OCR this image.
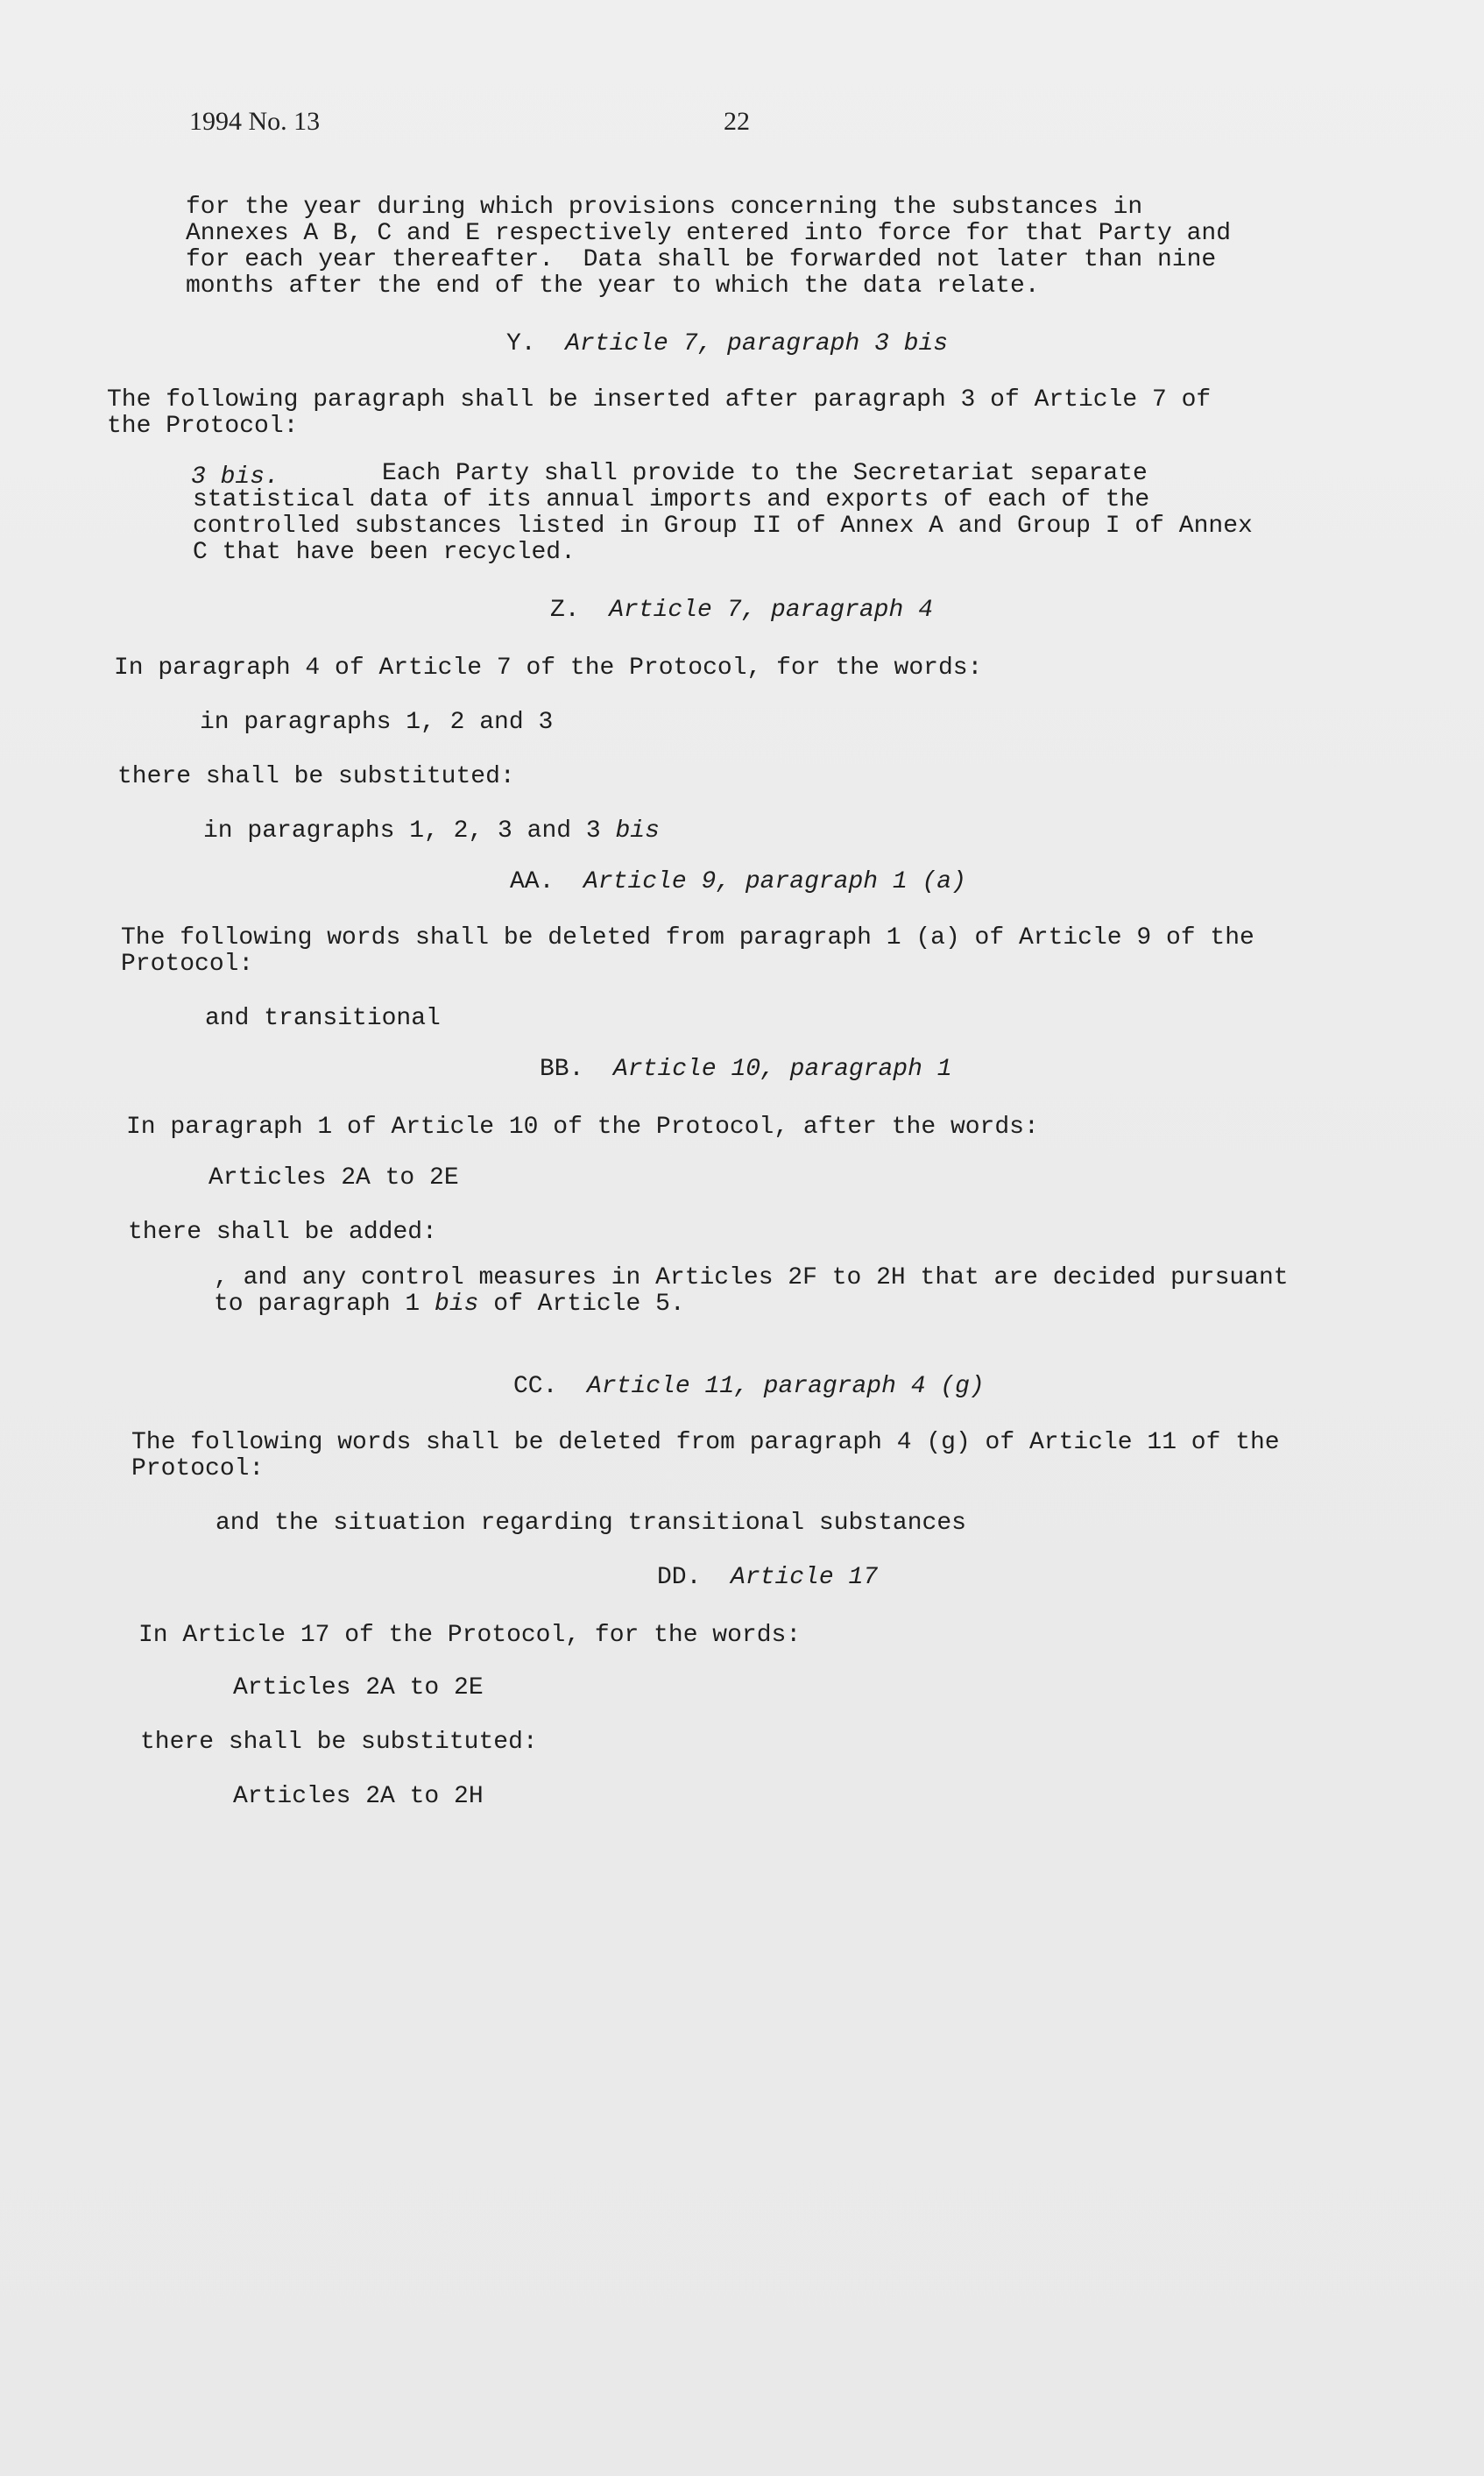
1994 No. 13	22
for the year during which provisions concerning the substances in
Annexes A B, C and E respectively entered into force for that Party and
for each year thereafter.  Data shall be forwarded not later than nine
months after the end of the year to which the data relate.
Y. Article 7, paragraph 3 bis
The following paragraph shall be inserted after paragraph 3 of Article 7 of
the Protocol:
3 bis.	Each Party shall provide to the Secretariat separate
statistical data of its annual imports and exports of each of the
controlled substances listed in Group II of Annex A and Group I of Annex
C that have been recycled.
Z. Article 7, paragraph 4
In paragraph 4 of Article 7 of the Protocol, for the words:
in paragraphs 1, 2 and 3
there shall be substituted:
in paragraphs 1, 2, 3 and 3 bis
AA. Article 9, paragraph 1 (a)
The following words shall be deleted from paragraph 1 (a) of Article 9 of the
Protocol:
and transitional
BB. Article 10, paragraph 1
In paragraph 1 of Article 10 of the Protocol, after the words:
Articles 2A to 2E
there shall be added:
, and any control measures in Articles 2F to 2H that are decided pursuant
to paragraph 1 bis of Article 5.
CC. Article 11, paragraph 4 (g)
The following words shall be deleted from paragraph 4 (g) of Article 11 of the
Protocol:
and the situation regarding transitional substances
DD. Article 17
In Article 17 of the Protocol, for the words:
Articles 2A to 2E
there shall be substituted:
Articles 2A to 2H
